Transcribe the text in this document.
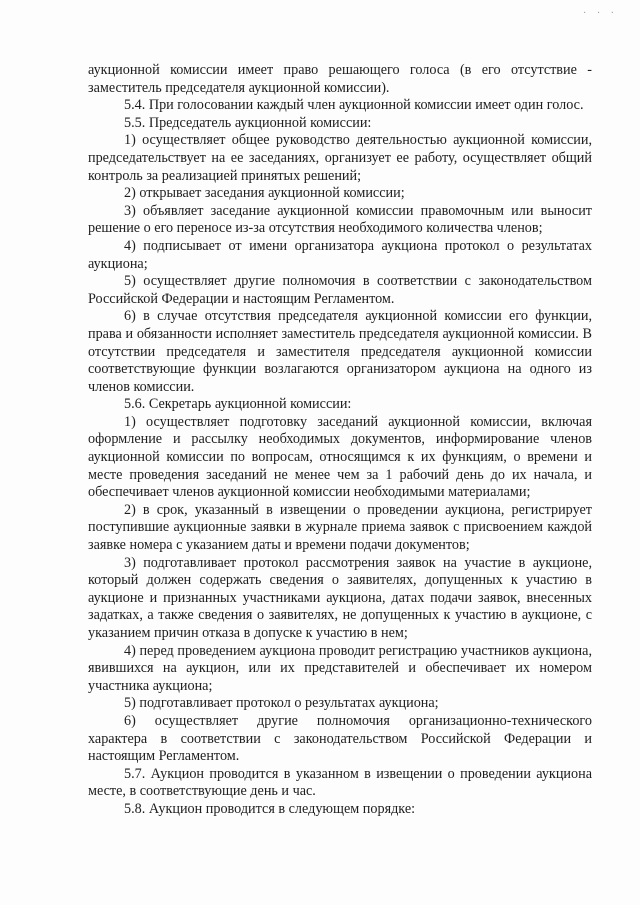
· · ·

аукционной комиссии имеет право решающего голоса (в его отсутствие - заместитель председателя аукционной комиссии).

5.4. При голосовании каждый член аукционной комиссии имеет один голос.

5.5. Председатель аукционной комиссии:

1) осуществляет общее руководство деятельностью аукционной комиссии, председательствует на ее заседаниях, организует ее работу, осуществляет общий контроль за реализацией принятых решений;

2) открывает заседания аукционной комиссии;

3) объявляет заседание аукционной комиссии правомочным или выносит решение о его переносе из-за отсутствия необходимого количества членов;

4) подписывает от имени организатора аукциона протокол о результатах аукциона;

5) осуществляет другие полномочия в соответствии с законодательством Российской Федерации и настоящим Регламентом.

6) в случае отсутствия председателя аукционной комиссии его функции, права и обязанности исполняет заместитель председателя аукционной комиссии. В отсутствии председателя и заместителя председателя аукционной комиссии соответствующие функции возлагаются организатором аукциона на одного из членов комиссии.

5.6. Секретарь аукционной комиссии:

1) осуществляет подготовку заседаний аукционной комиссии, включая оформление и рассылку необходимых документов, информирование членов аукционной комиссии по вопросам, относящимся к их функциям, о времени и месте проведения заседаний не менее чем за 1 рабочий день до их начала, и обеспечивает членов аукционной комиссии необходимыми материалами;

2) в срок, указанный в извещении о проведении аукциона, регистрирует поступившие аукционные заявки в журнале приема заявок с присвоением каждой заявке номера с указанием даты и времени подачи документов;

3) подготавливает протокол рассмотрения заявок на участие в аукционе, который должен содержать сведения о заявителях, допущенных к участию в аукционе и признанных участниками аукциона, датах подачи заявок, внесенных задатках, а также сведения о заявителях, не допущенных к участию в аукционе, с указанием причин отказа в допуске к участию в нем;

4) перед проведением аукциона проводит регистрацию участников аукциона, явившихся на аукцион, или их представителей и обеспечивает их номером участника аукциона;

5) подготавливает протокол о результатах аукциона;

6) осуществляет другие полномочия организационно-технического характера в соответствии с законодательством Российской Федерации и настоящим Регламентом.

5.7. Аукцион проводится в указанном в извещении о проведении аукциона месте, в соответствующие день и час.

5.8. Аукцион проводится в следующем порядке:
